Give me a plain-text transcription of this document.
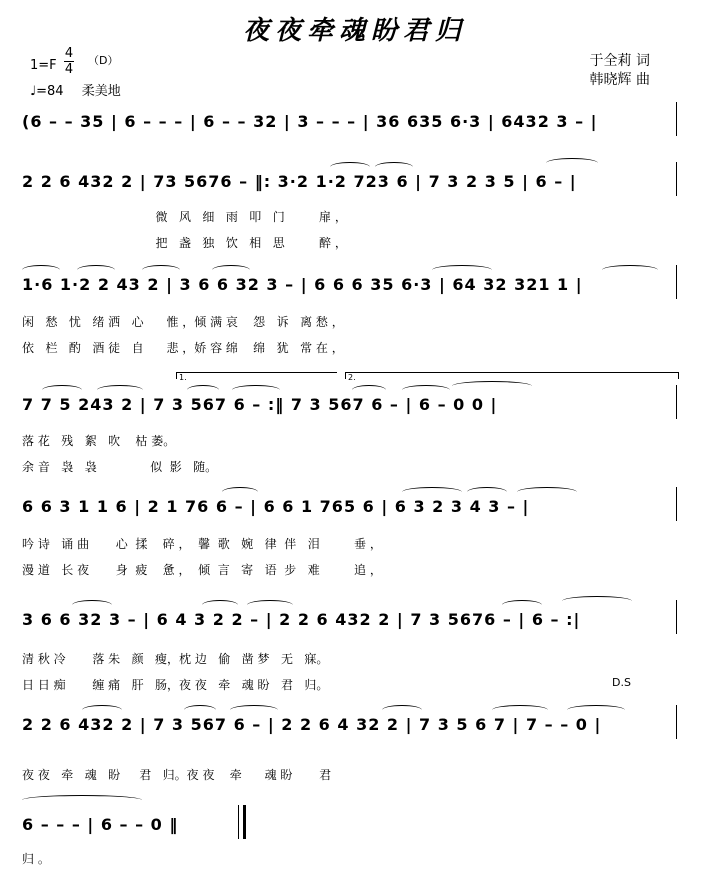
夜夜牵魂盼君归
1=F
4
4
（D）
♩=84 柔美地
于全莉 词
韩晓辉 曲
(6 – – 35 | 6 – – – | 6 – – 32 | 3 – – – | 36 635 6·3 | 6432 3 – |
2 2 6 432 2 | 73 5676 – ‖: 3·2 1·2 723 6 | 7 3 2 3 5 | 6 – |
微   风   细   雨   叩   门         扉 ，
把   盏   独   饮   相   思         醉 ，
1·6 1·2 2 43 2 | 3 6 6 32 3 – | 6 6 6 35 6·3 | 64 32 321 1 |
闲   愁   忧   绪 洒   心      惟 ，倾 满 哀    怨   诉   离 愁 ，
依   栏   酌   酒 徒   自      悲 ，娇 容 绵    绵   犹   常 在 ，
1.	2.
7 7 5 243 2 | 7 3 567 6 – :‖ 7 3 567 6 – | 6 – 0 0 |
落 花   残   絮   吹    枯 萎。
余 音   袅   袅              似  影   随。
6 6 3 1 1 6 | 2 1 76 6 – | 6 6 1 765 6 | 6 3 2 3 4 3 – |
吟 诗   诵 曲       心  揉    碎 ，  馨  歌   婉   律  伴   泪         垂 ，
漫 道   长 夜       身  疲    惫 ，  倾  言   寄   语  步   难         追 ，
3 6 6 32 3 – | 6 4 3 2 2 – | 2 2 6 432 2 | 7 3 5676 – | 6 – :|
清 秋 冷       落 朱   颜   瘦，枕 边   偷   凿 梦   无   寐。
日 日 痴       缠 痛   肝   肠，夜 夜   牵   魂 盼   君   归。	D.S
2 2 6 432 2 | 7 3 567 6 – | 2 2 6 4 32 2 | 7 3 5 6 7 | 7 – – 0 |
夜 夜   牵   魂   盼     君   归。夜 夜    牵      魂 盼       君
6 – – – | 6 – – 0 ‖
归 。
